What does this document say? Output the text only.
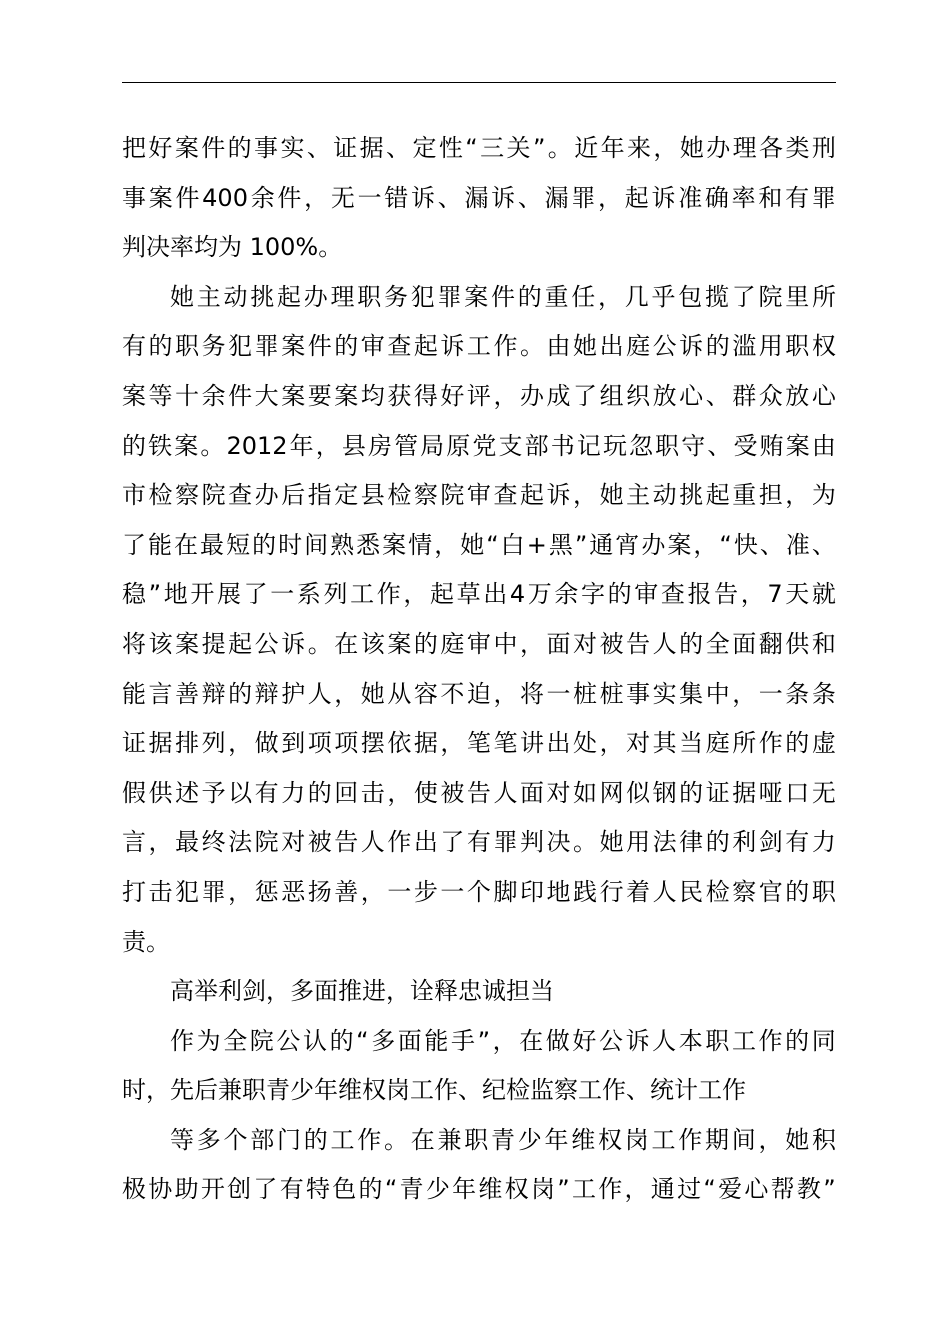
把 好 案 件 的 事 实 、 证 据 、 定 性 “ 三 关 ” 。 近 年 来 ， 她 办 理 各 类 刑
事 案 件 400 余 件 ， 无 一 错 诉 、 漏 诉 、 漏 罪 ， 起 诉 准 确 率 和 有 罪
判决率均为 100%。
她 主 动 挑 起 办 理 职 务 犯 罪 案 件 的 重 任 ， 几 乎 包 揽 了 院 里 所
有 的 职 务 犯 罪 案 件 的 审 查 起 诉 工 作 。 由 她 出 庭 公 诉 的 滥 用 职 权
案 等 十 余 件 大 案 要 案 均 获 得 好 评 ， 办 成 了 组 织 放 心 、 群 众 放 心
的 铁 案 。 2012 年 ， 县 房 管 局 原 党 支 部 书 记 玩 忽 职 守 、 受 贿 案 由
市 检 察 院 查 办 后 指 定 县 检 察 院 审 查 起 诉 ， 她 主 动 挑 起 重 担 ， 为
了 能 在 最 短 的 时 间 熟 悉 案 情 ， 她 “ 白 + 黑 ” 通 宵 办 案 ， “ 快 、 准 、
稳 ” 地 开 展 了 一 系 列 工 作 ， 起 草 出 4 万 余 字 的 审 查 报 告 ， 7 天 就
将 该 案 提 起 公 诉 。 在 该 案 的 庭 审 中 ， 面 对 被 告 人 的 全 面 翻 供 和
能 言 善 辩 的 辩 护 人 ， 她 从 容 不 迫 ， 将 一 桩 桩 事 实 集 中 ， 一 条 条
证 据 排 列 ， 做 到 项 项 摆 依 据 ， 笔 笔 讲 出 处 ， 对 其 当 庭 所 作 的 虚
假 供 述 予 以 有 力 的 回 击 ， 使 被 告 人 面 对 如 网 似 钢 的 证 据 哑 口 无
言 ， 最 终 法 院 对 被 告 人 作 出 了 有 罪 判 决 。 她 用 法 律 的 利 剑 有 力
打 击 犯 罪 ， 惩 恶 扬 善 ， 一 步 一 个 脚 印 地 践 行 着 人 民 检 察 官 的 职
责。
高举利剑，多面推进，诠释忠诚担当
作 为 全 院 公 认 的 “ 多 面 能 手 ” ， 在 做 好 公 诉 人 本 职 工 作 的 同
时，先后兼职青少年维权岗工作、纪检监察工作、统计工作
等 多 个 部 门 的 工 作 。 在 兼 职 青 少 年 维 权 岗 工 作 期 间 ， 她 积
极 协 助 开 创 了 有 特 色 的 “ 青 少 年 维 权 岗 ” 工 作 ， 通 过 “ 爱 心 帮 教 ”
